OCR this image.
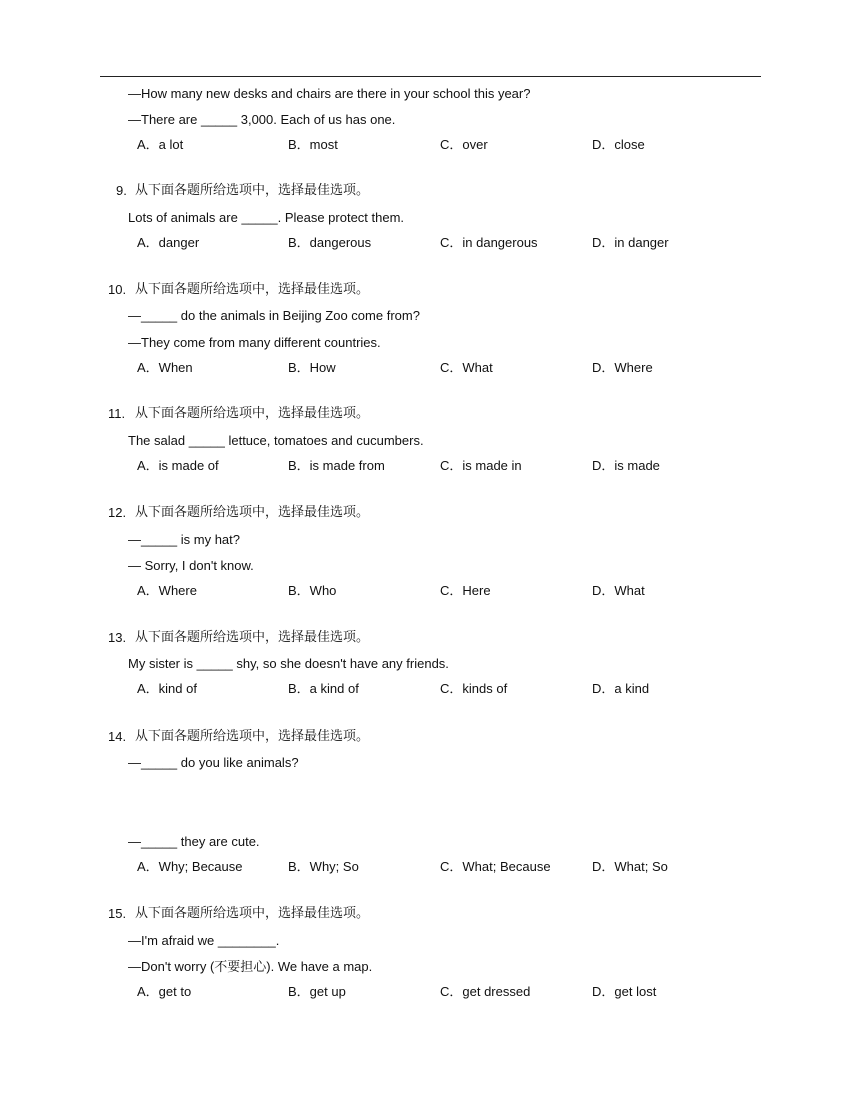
—How many new desks and chairs are there in your school this year?
—There are _____ 3,000. Each of us has one.
A．a lot	B．most	C．over	D．close
9. 从下面各题所给选项中，选择最佳选项。
Lots of animals are _____. Please protect them.
A．danger	B．dangerous	C．in dangerous	D．in danger
10. 从下面各题所给选项中，选择最佳选项。
—_____ do the animals in Beijing Zoo come from?
—They come from many different countries.
A．When	B．How	C．What	D．Where
11. 从下面各题所给选项中，选择最佳选项。
The salad _____ lettuce, tomatoes and cucumbers.
A．is made of	B．is made from	C．is made in	D．is made
12. 从下面各题所给选项中，选择最佳选项。
—_____ is my hat?
— Sorry, I don't know.
A．Where	B．Who	C．Here	D．What
13. 从下面各题所给选项中，选择最佳选项。
My sister is _____ shy, so she doesn't have any friends.
A．kind of	B．a kind of	C．kinds of	D．a kind
14. 从下面各题所给选项中，选择最佳选项。
—_____ do you like animals?
—_____ they are cute.
A．Why; Because	B．Why; So	C．What; Because	D．What; So
15. 从下面各题所给选项中，选择最佳选项。
—I'm afraid we ________.
—Don't worry (不要担心). We have a map.
A．get to	B．get up	C．get dressed	D．get lost
